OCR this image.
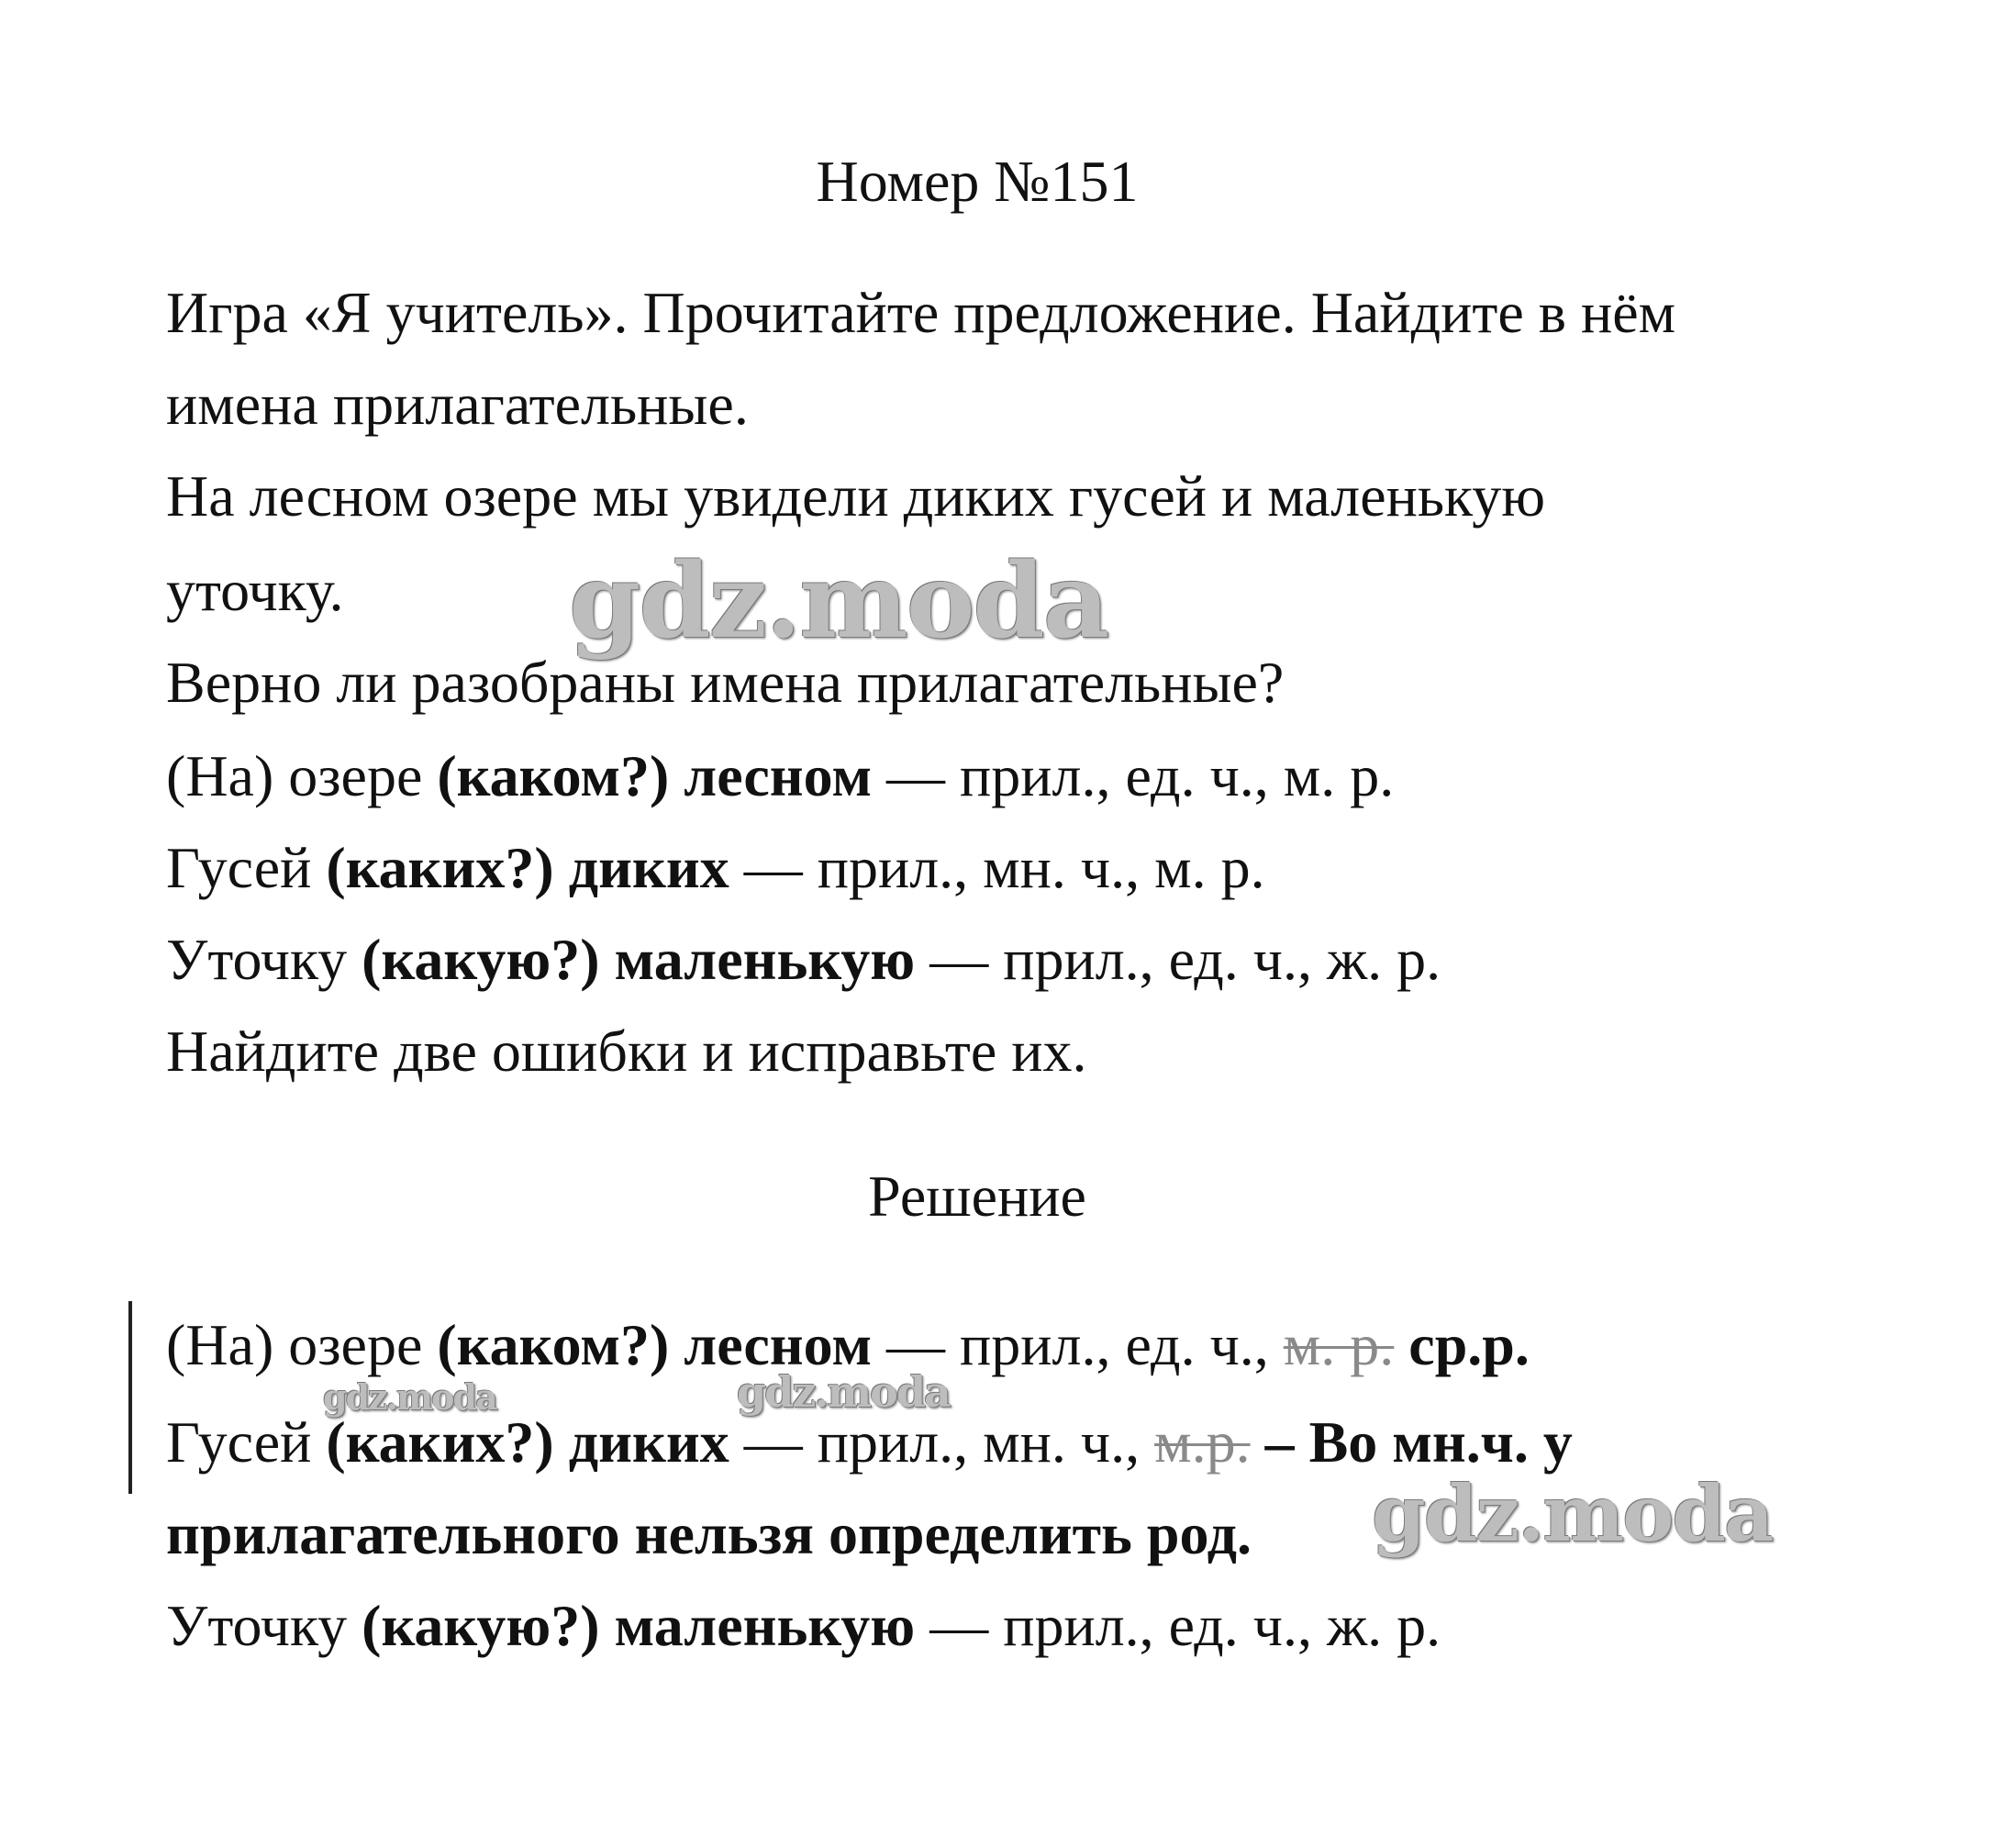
Номер №151
Игра «Я учитель». Прочитайте предложение. Найдите в нём
имена прилагательные.
На лесном озере мы увидели диких гусей и маленькую
уточку.
Верно ли разобраны имена прилагательные?
(На) озере (каком?) лесном — прил., ед. ч., м. р.
Гусей (каких?) диких — прил., мн. ч., м. р.
Уточку (какую?) маленькую — прил., ед. ч., ж. р.
Найдите две ошибки и исправьте их.
Решение
(На) озере (каком?) лесном — прил., ед. ч., м. р. ср.р.
Гусей (каких?) диких — прил., мн. ч., м.р. – Во мн.ч. у
прилагательного нельзя определить род.
Уточку (какую?) маленькую — прил., ед. ч., ж. р.
gdz.moda
gdz.moda	gdz.moda
gdz.moda
